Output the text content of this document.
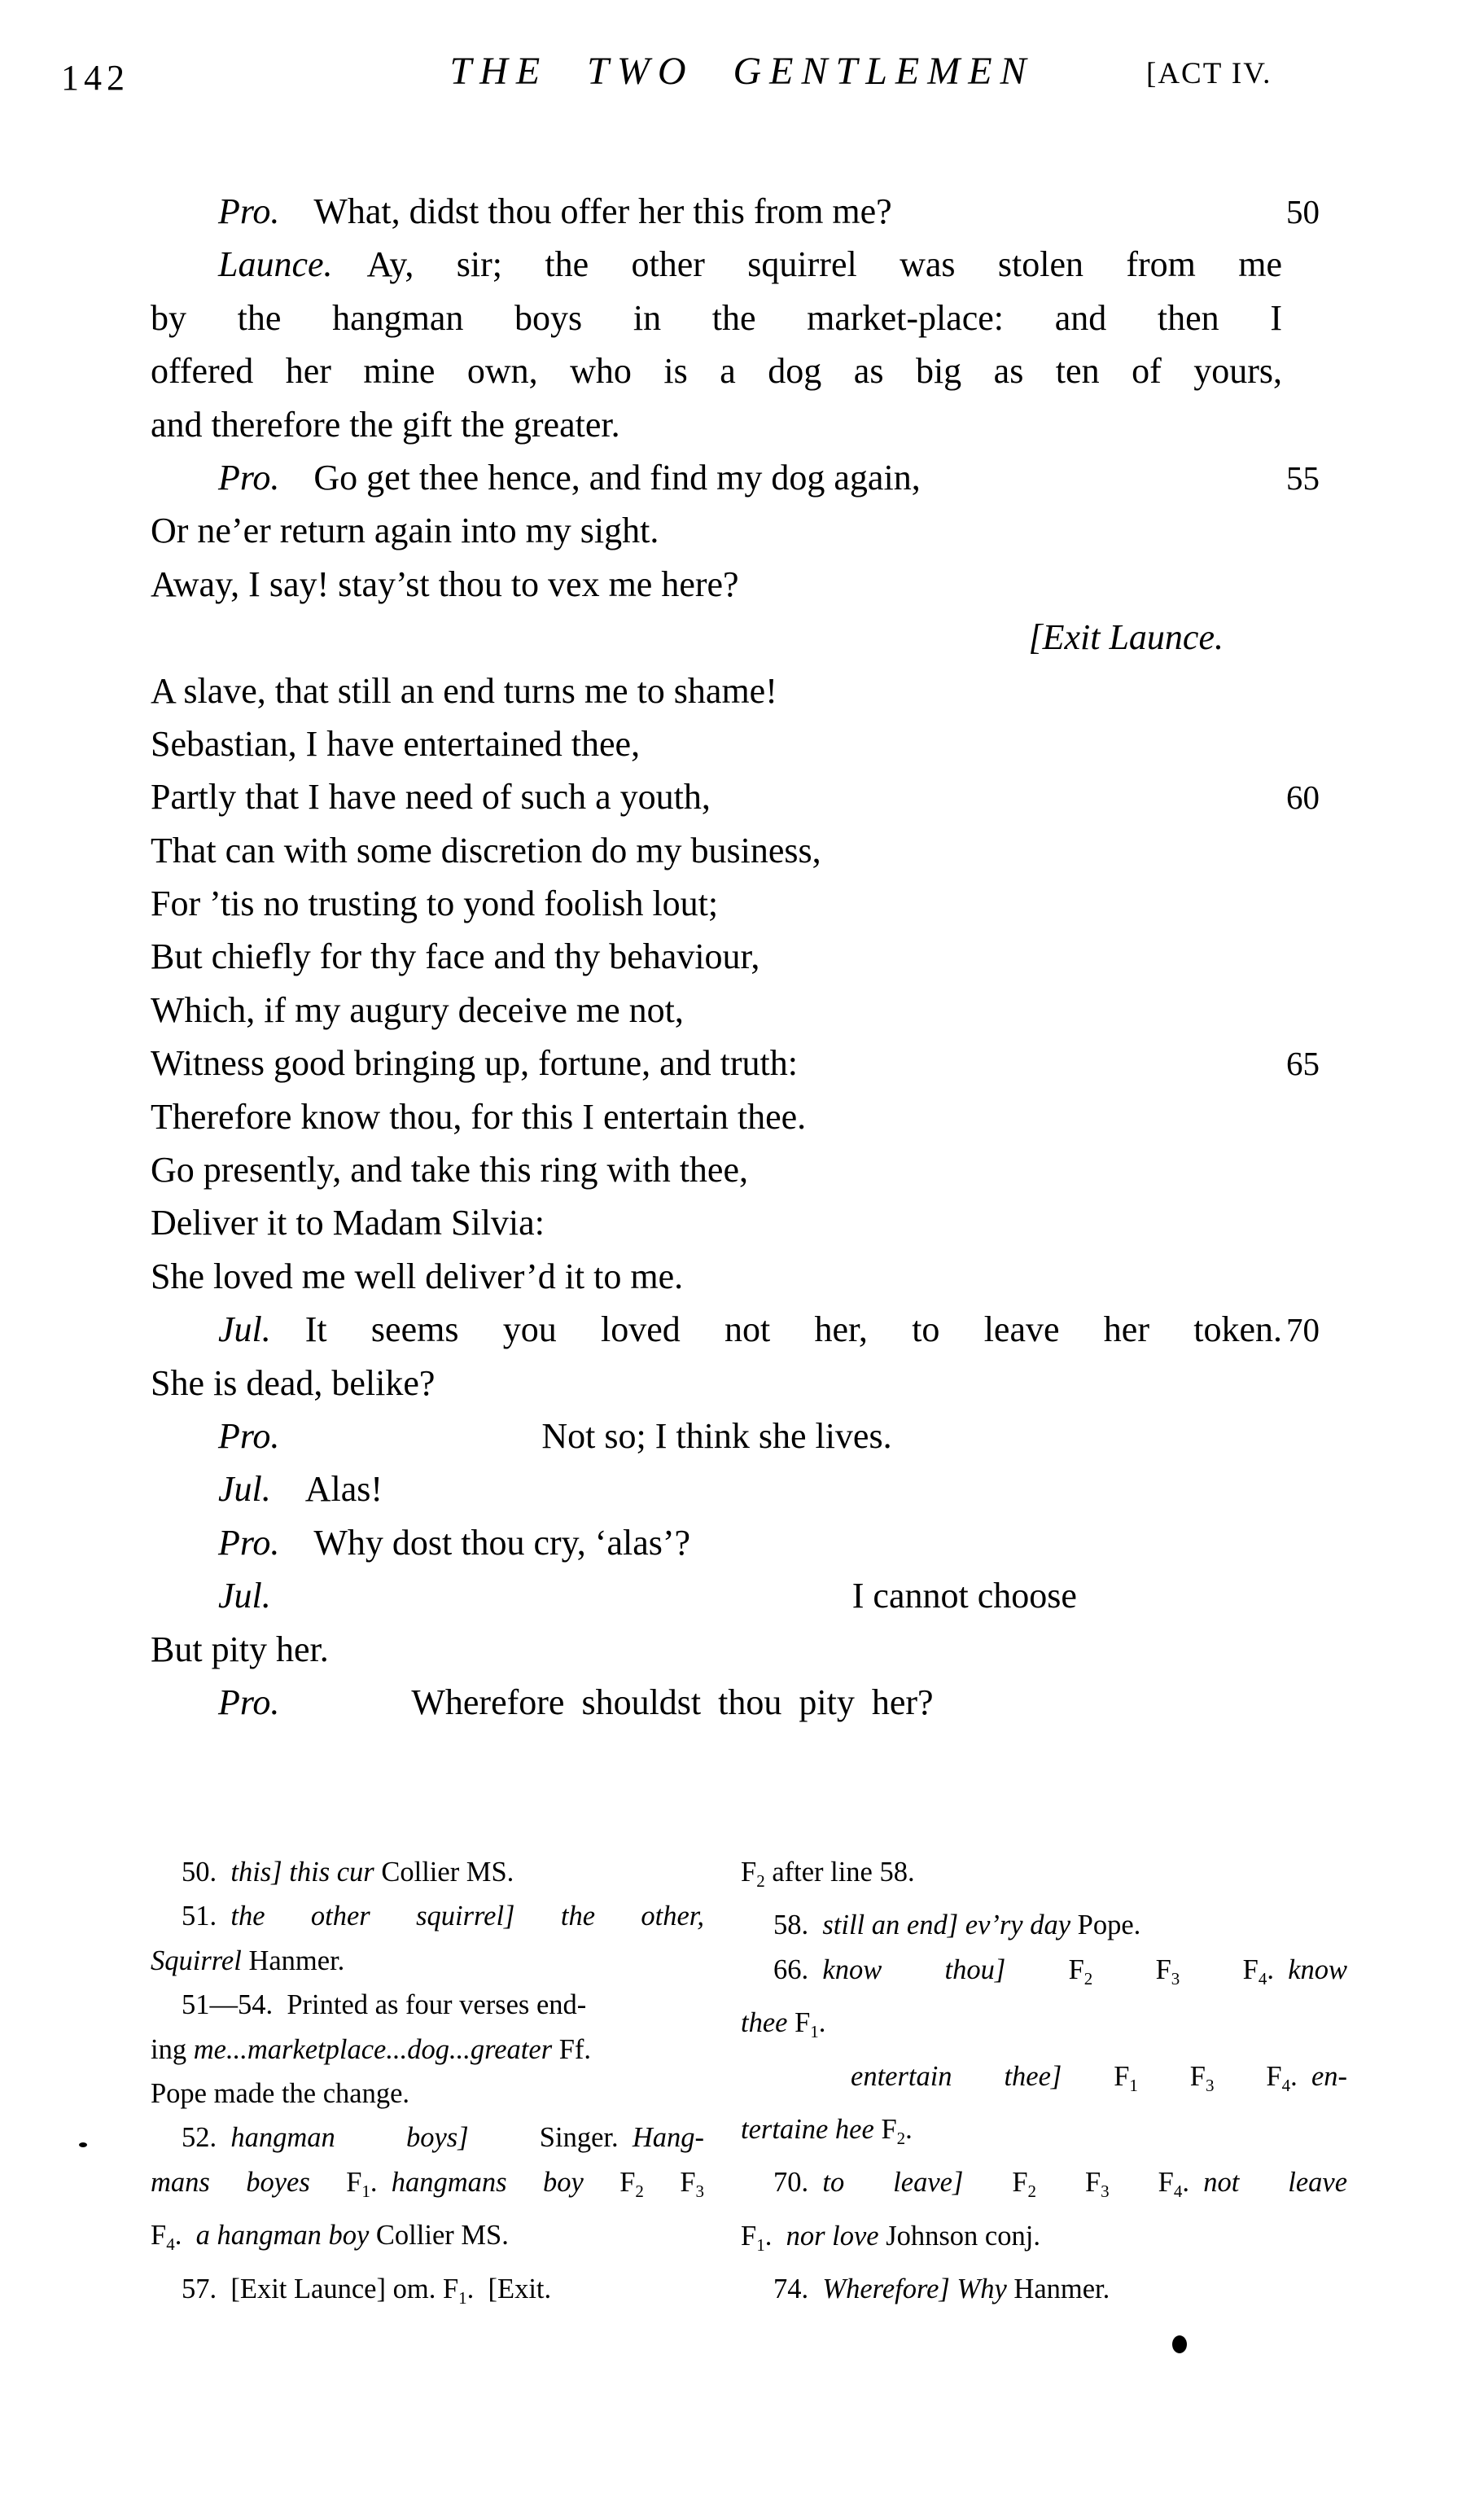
142	THE TWO GENTLEMEN	[ACT IV.
Pro. What, didst thou offer her this from me?	50
Launce. Ay, sir; the other squirrel was stolen from me
by the hangman boys in the market-place: and then I
offered her mine own, who is a dog as big as ten of yours,
and therefore the gift the greater.
Pro. Go get thee hence, and find my dog again,	55
Or ne’er return again into my sight.
Away, I say! stay’st thou to vex me here?
[Exit Launce.
A slave, that still an end turns me to shame!
Sebastian, I have entertained thee,
Partly that I have need of such a youth,	60
That can with some discretion do my business,
For ’tis no trusting to yond foolish lout;
But chiefly for thy face and thy behaviour,
Which, if my augury deceive me not,
Witness good bringing up, fortune, and truth:	65
Therefore know thou, for this I entertain thee.
Go presently, and take this ring with thee,
Deliver it to Madam Silvia:
She loved me well deliver’d it to me.
Jul. It seems you loved not her, to leave her token. 70
She is dead, belike?
Pro.	Not so; I think she lives.
Jul. Alas!
Pro. Why dost thou cry, ‘alas’?
Jul.	I cannot choose
But pity her.
Pro.	Wherefore shouldst thou pity her?
50. this] this cur Collier MS.
51. the other squirrel] the other,
Squirrel Hanmer.
51—54. Printed as four verses end-
ing me...marketplace...dog...greater Ff.
Pope made the change.
52. hangman boys] Singer. Hang-
mans boyes $F_1$. hangmans boy $F_2$ $F_3$
$F_4$. a hangman boy Collier MS.
57. [Exit Launce] om. $F_1$. [Exit.
$F_2$ after line 58.
58. still an end] ev’ry day Pope.
66. know thou] $F_2$ $F_3$ $F_4$. know
thee $F_1$.
entertain thee] $F_1$ $F_3$ $F_4$. en-
tertaine hee $F_2$.
70. to leave] $F_2$ $F_3$ $F_4$. not leave
$F_1$. nor love Johnson conj.
74. Wherefore] Why Hanmer.
